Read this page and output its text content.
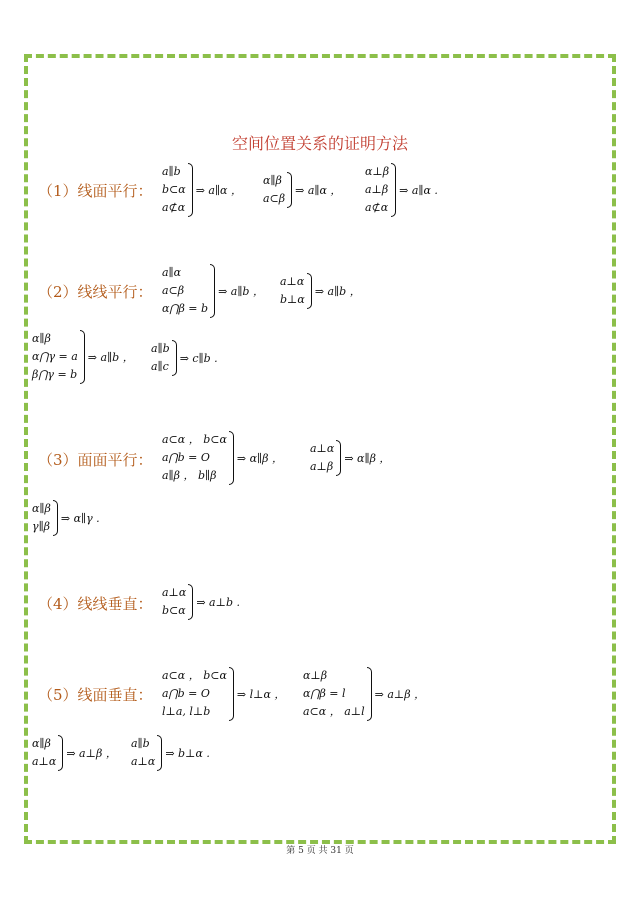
空间位置关系的证明方法
（1）线面平行：
a∥b
b⊂α
a⊄α
⇒ a∥α ，
α∥β
a⊂β
⇒ a∥α ，
α⊥β
a⊥β
a⊄α
⇒ a∥α .
（2）线线平行：
a∥α
a⊂β
α⋂β = b
⇒ a∥b ，
a⊥α
b⊥α
⇒ a∥b ，
α∥β
α⋂γ = a
β⋂γ = b
⇒ a∥b ，
a∥b
a∥c
⇒ c∥b .
（3）面面平行：
a⊂α ， b⊂α
a⋂b = O
a∥β ， b∥β
⇒ α∥β ，
a⊥α
a⊥β
⇒ α∥β ，
α∥β
γ∥β
⇒ α∥γ .
（4）线线垂直：
a⊥α
b⊂α
⇒ a⊥b .
（5）线面垂直：
a⊂α ， b⊂α
a⋂b = O
l⊥a, l⊥b
⇒ l⊥α ，
α⊥β
α⋂β = l
a⊂α ， a⊥l
⇒ a⊥β ，
α∥β
a⊥α
⇒ a⊥β ，
a∥b
a⊥α
⇒ b⊥α .
第 5 页 共 31 页
